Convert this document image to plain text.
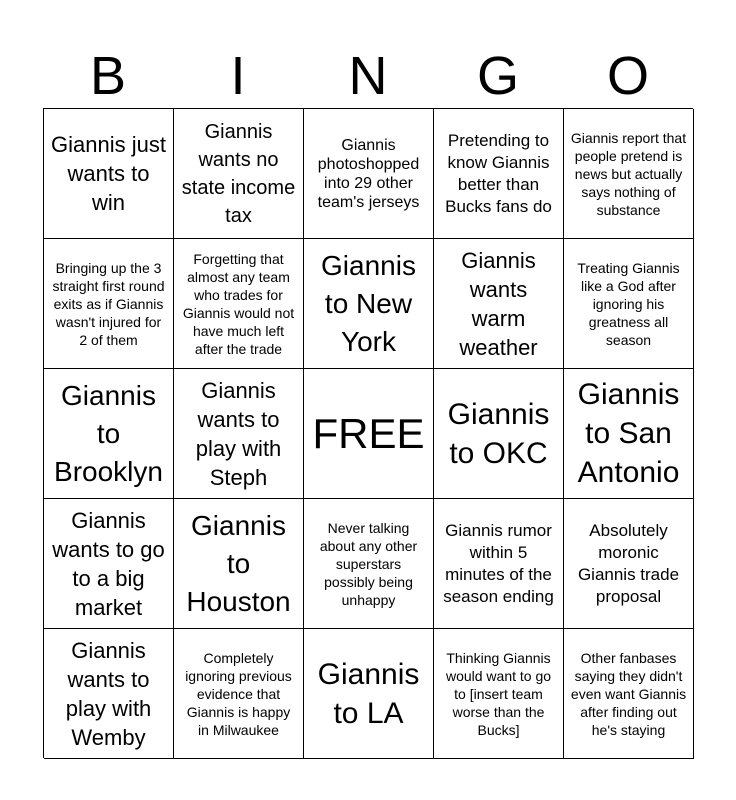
B	I	N	G	O
Giannis just wants to win
Giannis wants no state income tax
Giannis photoshopped into 29 other team's jerseys
Pretending to know Giannis better than Bucks fans do
Giannis report that people pretend is news but actually says nothing of substance
Bringing up the 3 straight first round exits as if Giannis wasn't injured for 2 of them
Forgetting that almost any team who trades for Giannis would not have much left after the trade
Giannis to New York
Giannis wants warm weather
Treating Giannis like a God after ignoring his greatness all season
Giannis to Brooklyn
Giannis wants to play with Steph
FREE Giannis to OKC
Giannis to San Antonio
Giannis wants to go to a big market
Giannis to Houston
Never talking about any other superstars possibly being unhappy
Giannis rumor within 5 minutes of the season ending
Absolutely moronic Giannis trade proposal
Giannis wants to play with Wemby
Completely ignoring previous evidence that Giannis is happy in Milwaukee
Giannis to LA
Thinking Giannis would want to go to [insert team worse than the Bucks]
Other fanbases saying they didn't even want Giannis after finding out he's staying
